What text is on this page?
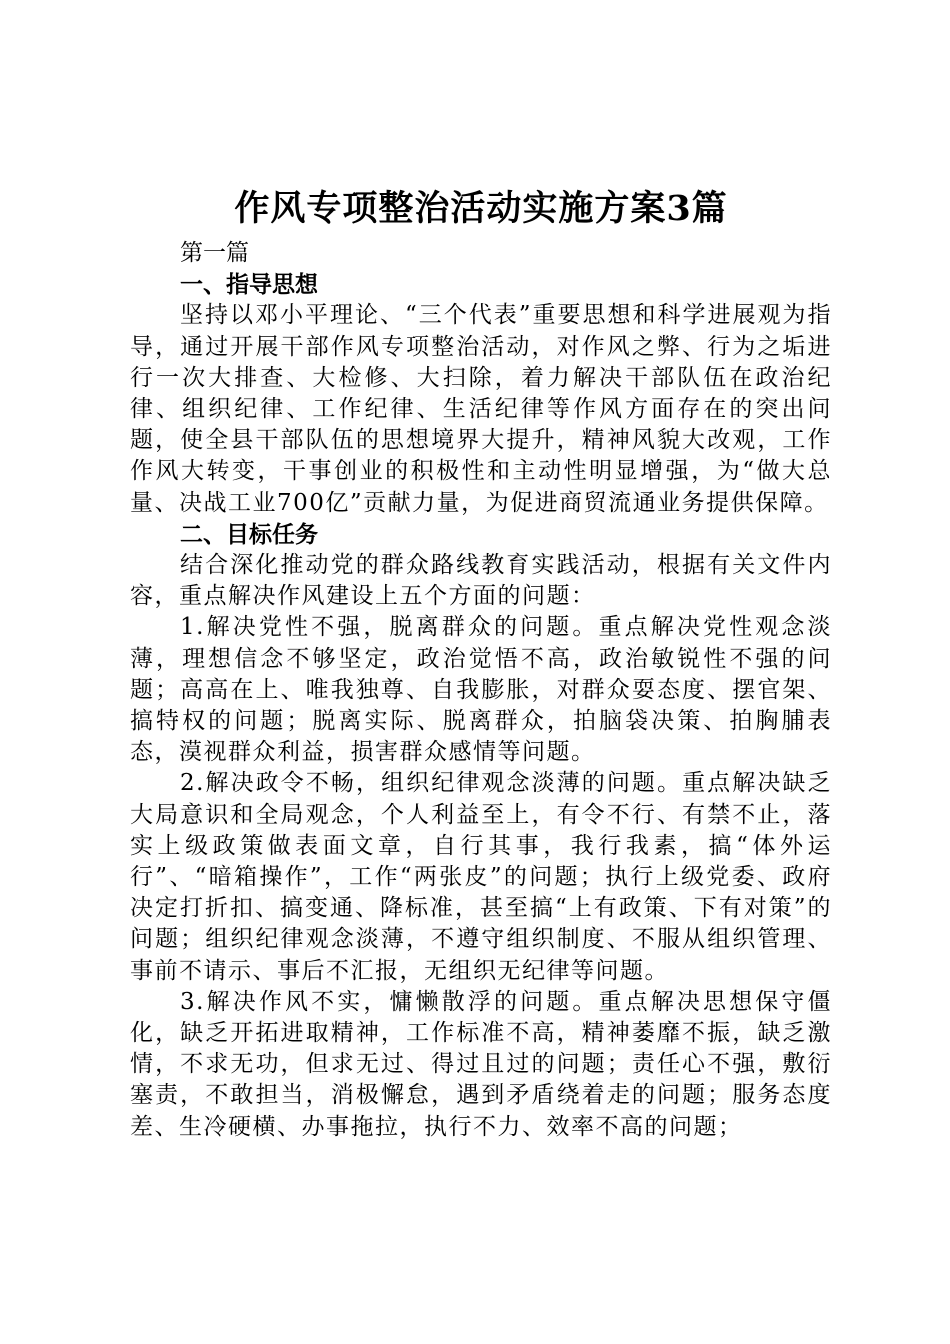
作风专项整治活动实施方案3篇

第一篇

一、指导思想

坚持以邓小平理论、“三个代表”重要思想和科学进展观为指导，通过开展干部作风专项整治活动，对作风之弊、行为之垢进行一次大排查、大检修、大扫除，着力解决干部队伍在政治纪律、组织纪律、工作纪律、生活纪律等作风方面存在的突出问题，使全县干部队伍的思想境界大提升，精神风貌大改观，工作作风大转变，干事创业的积极性和主动性明显增强，为“做大总量、决战工业700亿”贡献力量，为促进商贸流通业务提供保障。

二、目标任务

结合深化推动党的群众路线教育实践活动，根据有关文件内容，重点解决作风建设上五个方面的问题：

1.解决党性不强，脱离群众的问题。重点解决党性观念淡薄，理想信念不够坚定，政治觉悟不高，政治敏锐性不强的问题；高高在上、唯我独尊、自我膨胀，对群众耍态度、摆官架、搞特权的问题；脱离实际、脱离群众，拍脑袋决策、拍胸脯表态，漠视群众利益，损害群众感情等问题。

2.解决政令不畅，组织纪律观念淡薄的问题。重点解决缺乏大局意识和全局观念，个人利益至上，有令不行、有禁不止，落实上级政策做表面文章，自行其事，我行我素，搞“体外运行”、“暗箱操作”，工作“两张皮”的问题；执行上级党委、政府决定打折扣、搞变通、降标准，甚至搞“上有政策、下有对策”的问题；组织纪律观念淡薄，不遵守组织制度、不服从组织管理、事前不请示、事后不汇报，无组织无纪律等问题。

3.解决作风不实，慵懒散浮的问题。重点解决思想保守僵化，缺乏开拓进取精神，工作标准不高，精神萎靡不振，缺乏激情，不求无功，但求无过、得过且过的问题；责任心不强，敷衍塞责，不敢担当，消极懈怠，遇到矛盾绕着走的问题；服务态度差、生冷硬横、办事拖拉，执行不力、效率不高的问题；
